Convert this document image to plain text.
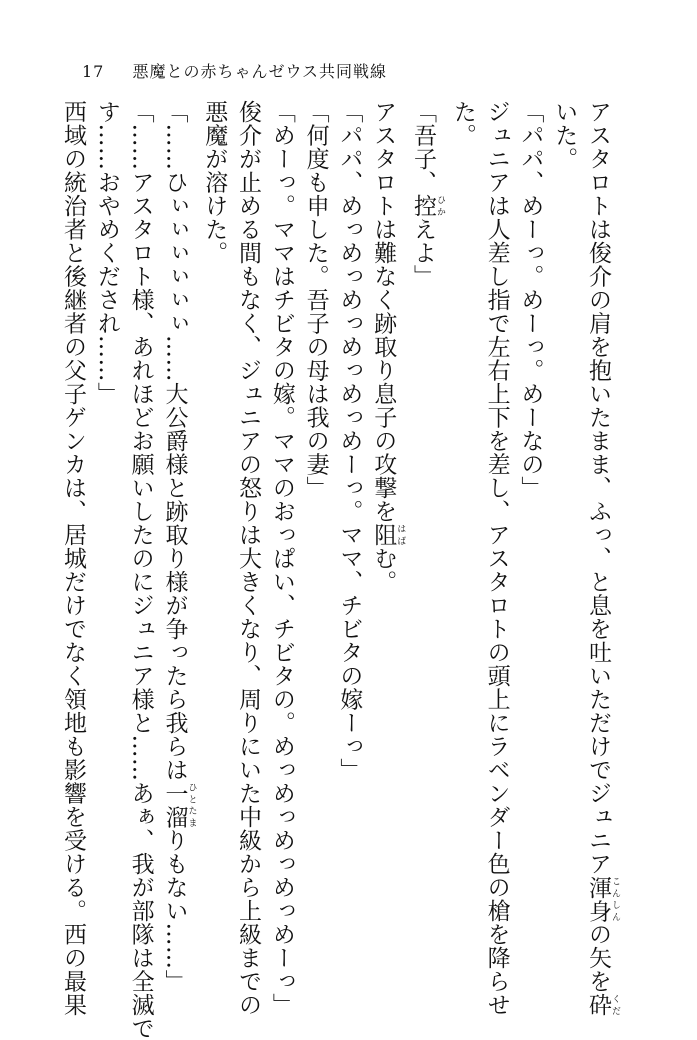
17 悪魔との赤ちゃんゼウス共同戦線
アスタロトは俊介の肩を抱いたまま、ふっ、と息を吐いただけでジュニア渾身 こんしんの矢を砕 くだ
いた。
「パパ、めーっ。めーっ。めーなの」
ジュニアは人差し指で左右上下を差し、アスタロトの頭上にラベンダー色の槍を降らせ
た。
「吾子、控 ひかえよ」
アスタロトは難なく跡取り息子の攻撃を阻 はばむ。
「パパ、めっめっめっめっめっめーっ。ママ、チビタの嫁ーっ」
「何度も申した。吾子の母は我の妻」
「めーっ。ママはチビタの嫁。ママのおっぱい、チビタの。めっめっめっめっめーっ」
俊介が止める間もなく、ジュニアの怒りは大きくなり、周りにいた中級から上級までの
悪魔が溶けた。
「……ひぃぃぃぃぃぃ……大公爵様と跡取り様が争ったら我らは一溜 ひとたまりもない……」
「……アスタロト様、あれほどお願いしたのにジュニア様と……あぁ、我が部隊は全滅で
す……おやめくだされ……」
西域の統治者と後継者の父子ゲンカは、居城だけでなく領地も影響を受ける。西の最果
